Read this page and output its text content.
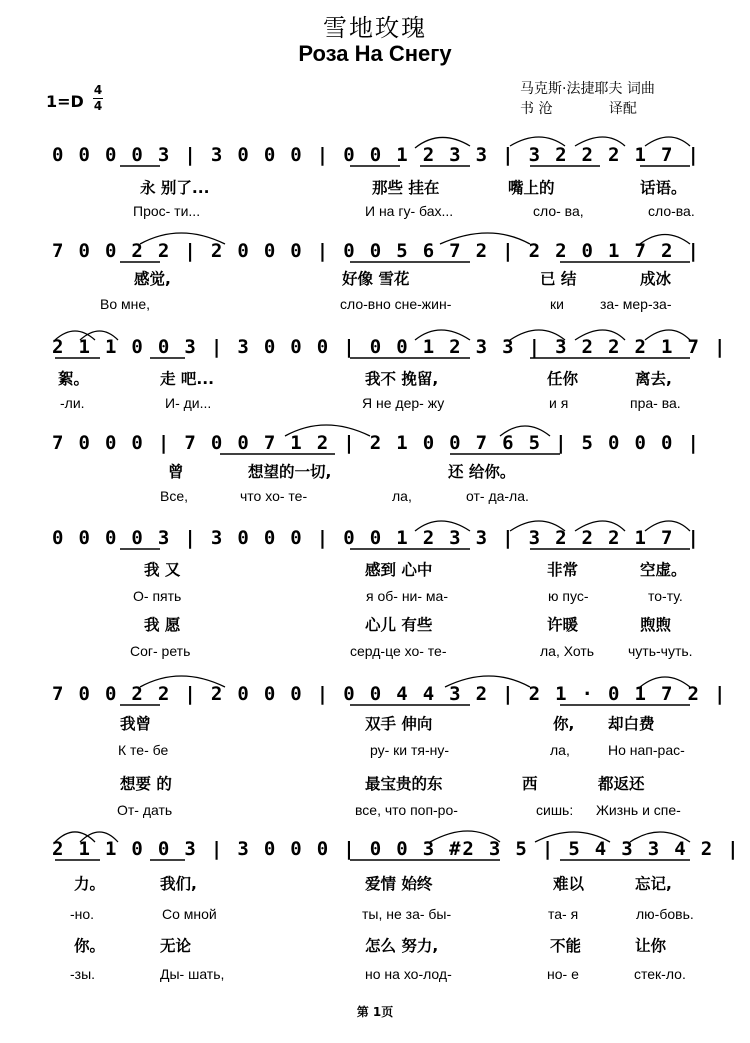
雪地玫瑰
Роза На Снегу
马克斯·法捷耶夫 词曲
书 沧	译配
1=D
4
4
0 0 0 0 3 | 3 0 0 0 | 0 0 1 2 3 3 | 3 2 2 2 1 7 |
永 别了...	那些 挂在	嘴上的	话语。
Прос- ти...	И на гу- бах...	сло- ва,	сло-ва.
7 0 0 2 2 | 2 0 0 0 | 0 0 5 6 7 2 | 2 2 0 1 7 2 |
感觉,	好像 雪花	已 结	成冰
Во мне,	сло-вно сне-жин-	ки	за- мер-за-
2 1 1 0 0 3 | 3 0 0 0 | 0 0 1 2 3 3 | 3 2 2 2 1 7 |
絮。	走 吧...	我不 挽留,	任你	离去,
-ли.	И- ди...	Я не дер- жу	и я	пра- ва.
7 0 0 0 | 7 0 0 7 1 2 | 2 1 0 0 7 6 5 | 5 0 0 0 |
曾	想望的一切,	还 给你。
Все,	что хо- те-	ла,	от- да-ла.
0 0 0 0 3 | 3 0 0 0 | 0 0 1 2 3 3 | 3 2 2 2 1 7 |
我 又	感到 心中	非常	空虚。
О- пять	я об- ни- ма-	ю пус-	то-ту.
我 愿	心儿 有些	许暖	煦煦
Сог- реть	серд-це хо- те-	ла, Хоть чуть-чуть.
7 0 0 2 2 | 2 0 0 0 | 0 0 4 4 3 2 | 2 1 · 0 1 7 2 |
我曾	双手 伸向	你, 却白费
К те- бе	ру- ки тя-ну-	ла,	Но нап-рас-
想要 的	最宝贵的东	西	都返还
От- дать	все, что поп-ро-	сишь: Жизнь и спе-
2 1 1 0 0 3 | 3 0 0 0 | 0 0 3 #2 3 5 | 5 4 3 3 4 2 |
力。	我们,	爱情 始终	难以	忘记,
-но.	Со мной	ты, не за- бы-	та- я	лю-бовь.
你。	无论	怎么 努力,	不能	让你
-зы.	Ды- шать,	но на хо-лод-	но- е	стек-ло.
第 1页
